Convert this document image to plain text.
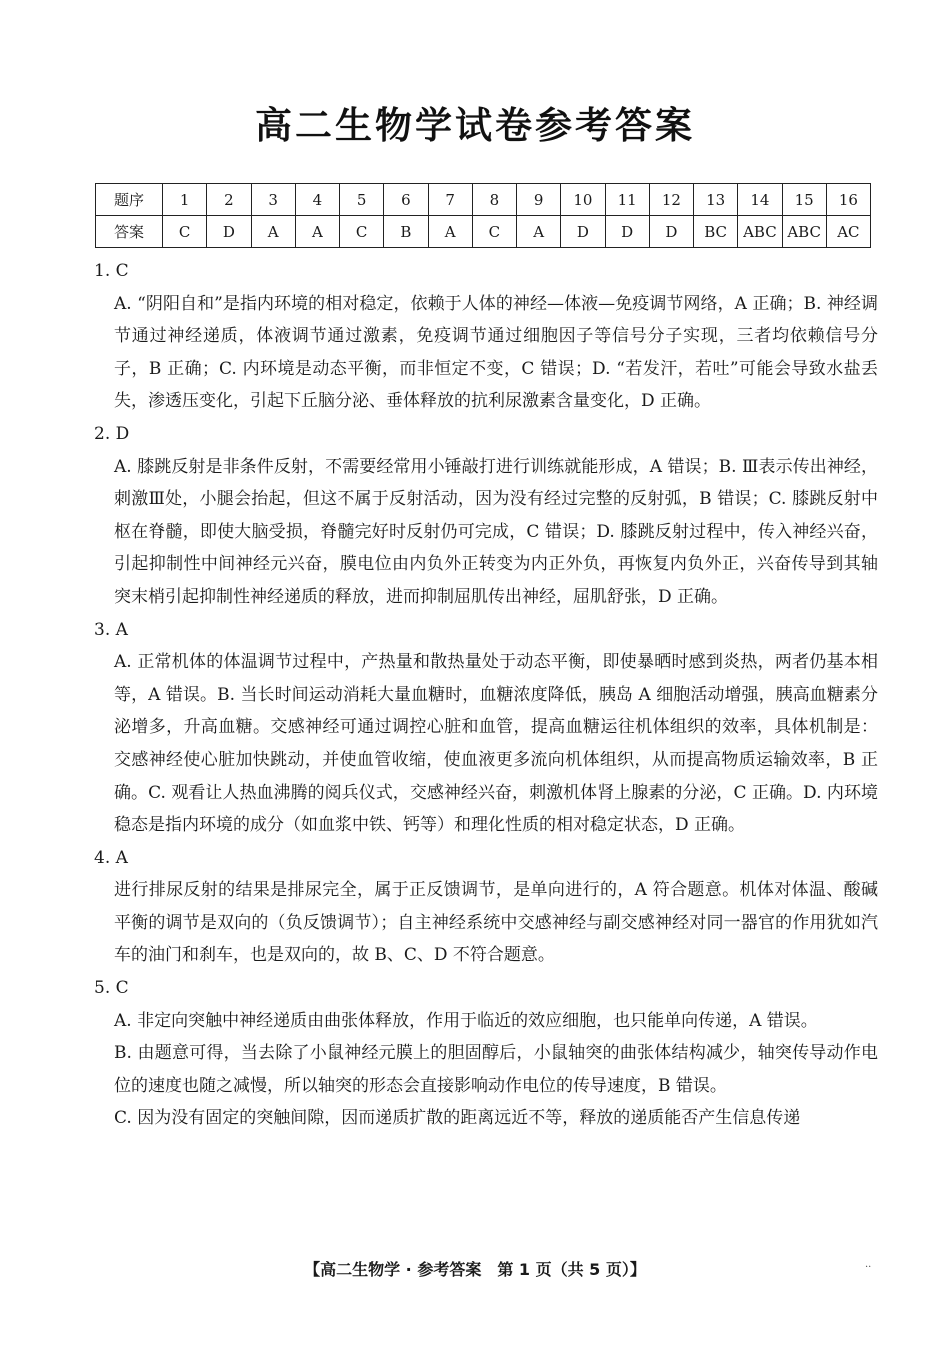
高二生物学试卷参考答案
题序	1	2	3	4	5	6	7	8	9	10	11	12	13	14	15	16
答案	C	D	A	A	C	B	A	C	A	D	D	D	BC	ABC	ABC	AC

1. C

A. “阴阳自和”是指内环境的相对稳定，依赖于人体的神经—体液—免疫调节网络，A 正确；B. 神经调节通过神经递质，体液调节通过激素，免疫调节通过细胞因子等信号分子实现，三者均依赖信号分子，B 正确；C. 内环境是动态平衡，而非恒定不变，C 错误；D. “若发汗，若吐”可能会导致水盐丢失，渗透压变化，引起下丘脑分泌、垂体释放的抗利尿激素含量变化，D 正确。

2. D

A. 膝跳反射是非条件反射，不需要经常用小锤敲打进行训练就能形成，A 错误；B. Ⅲ表示传出神经，刺激Ⅲ处，小腿会抬起，但这不属于反射活动，因为没有经过完整的反射弧，B 错误；C. 膝跳反射中枢在脊髓，即使大脑受损，脊髓完好时反射仍可完成，C 错误；D. 膝跳反射过程中，传入神经兴奋，引起抑制性中间神经元兴奋，膜电位由内负外正转变为内正外负，再恢复内负外正，兴奋传导到其轴突末梢引起抑制性神经递质的释放，进而抑制屈肌传出神经，屈肌舒张，D 正确。

3. A

A. 正常机体的体温调节过程中，产热量和散热量处于动态平衡，即使暴晒时感到炎热，两者仍基本相等，A 错误。B. 当长时间运动消耗大量血糖时，血糖浓度降低，胰岛 A 细胞活动增强，胰高血糖素分泌增多，升高血糖。交感神经可通过调控心脏和血管，提高血糖运往机体组织的效率，具体机制是：交感神经使心脏加快跳动，并使血管收缩，使血液更多流向机体组织，从而提高物质运输效率，B 正确。C. 观看让人热血沸腾的阅兵仪式，交感神经兴奋，刺激机体肾上腺素的分泌，C 正确。D. 内环境稳态是指内环境的成分（如血浆中铁、钙等）和理化性质的相对稳定状态，D 正确。

4. A

进行排尿反射的结果是排尿完全，属于正反馈调节，是单向进行的，A 符合题意。机体对体温、酸碱平衡的调节是双向的（负反馈调节）；自主神经系统中交感神经与副交感神经对同一器官的作用犹如汽车的油门和刹车，也是双向的，故 B、C、D 不符合题意。

5. C

A. 非定向突触中神经递质由曲张体释放，作用于临近的效应细胞，也只能单向传递，A 错误。

B. 由题意可得，当去除了小鼠神经元膜上的胆固醇后，小鼠轴突的曲张体结构减少，轴突传导动作电位的速度也随之减慢，所以轴突的形态会直接影响动作电位的传导速度，B 错误。

C. 因为没有固定的突触间隙，因而递质扩散的距离远近不等，释放的递质能否产生信息传递

【高二生物学 · 参考答案　第 1 页（共 5 页）】	··
